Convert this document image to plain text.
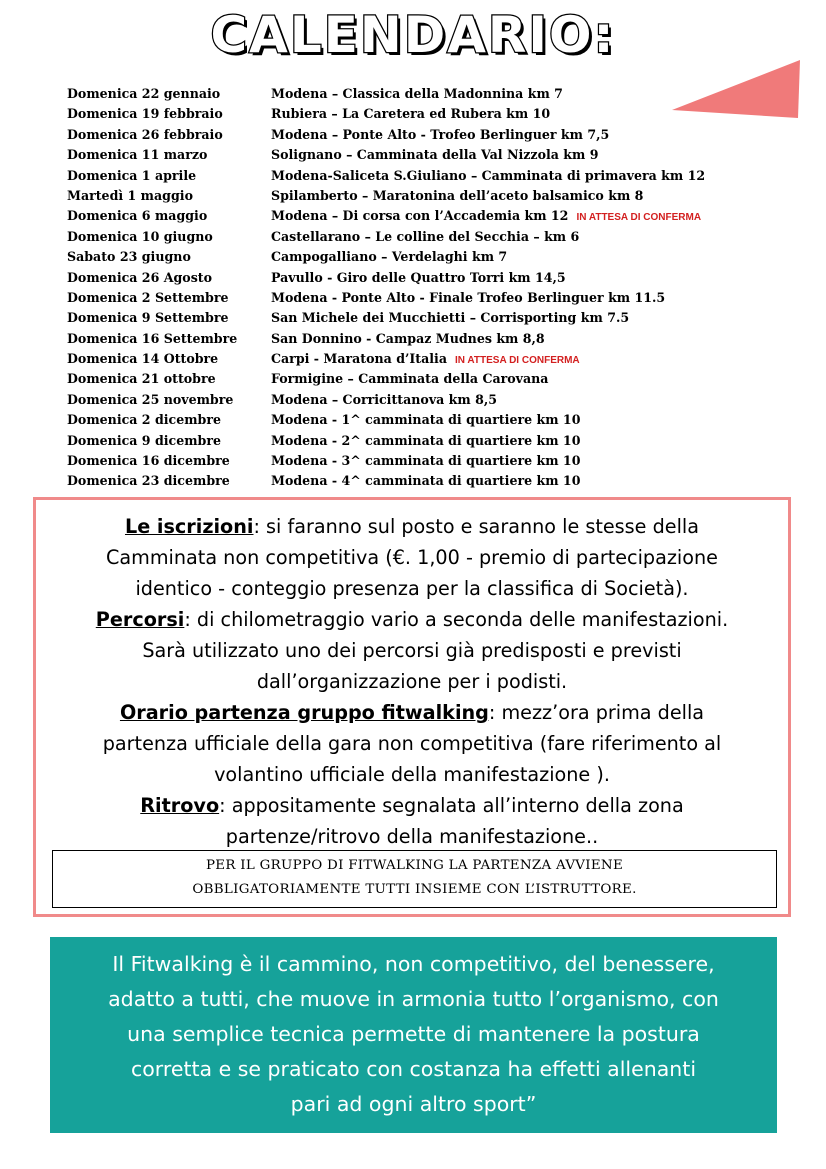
CALENDARIO:
Domenica 22 gennaio	Modena – Classica della Madonnina km 7
Domenica 19 febbraio	Rubiera – La Caretera ed Rubera km 10
Domenica 26 febbraio	Modena – Ponte Alto - Trofeo Berlinguer km 7,5
Domenica 11 marzo	Solignano – Camminata della Val Nizzola km 9
Domenica 1 aprile	Modena-Saliceta S.Giuliano – Camminata di primavera km 12
Martedì 1 maggio	Spilamberto – Maratonina dell’aceto balsamico km 8
Domenica 6 maggio	Modena – Di corsa con l’Accademia km 12 IN ATTESA DI CONFERMA
Domenica 10 giugno	Castellarano – Le colline del Secchia – km 6
Sabato 23 giugno	Campogalliano – Verdelaghi km 7
Domenica 26 Agosto	Pavullo - Giro delle Quattro Torri km 14,5
Domenica 2 Settembre	Modena - Ponte Alto - Finale Trofeo Berlinguer km 11.5
Domenica 9 Settembre	San Michele dei Mucchietti – Corrisporting km 7.5
Domenica 16 Settembre	San Donnino - Campaz Mudnes km 8,8
Domenica 14 Ottobre	Carpi - Maratona d’Italia IN ATTESA DI CONFERMA
Domenica 21 ottobre	Formigine – Camminata della Carovana
Domenica 25 novembre	Modena – Corricittanova km 8,5
Domenica 2 dicembre	Modena - 1^ camminata di quartiere km 10
Domenica 9 dicembre	Modena - 2^ camminata di quartiere km 10
Domenica 16 dicembre	Modena - 3^ camminata di quartiere km 10
Domenica 23 dicembre	Modena - 4^ camminata di quartiere km 10

Le iscrizioni: si faranno sul posto e saranno le stesse della
Camminata non competitiva (€. 1,00 - premio di partecipazione
identico - conteggio presenza per la classifica di Società).

Percorsi: di chilometraggio vario a seconda delle manifestazioni.
Sarà utilizzato uno dei percorsi già predisposti e previsti
dall’organizzazione per i podisti.

Orario partenza gruppo fitwalking: mezz’ora prima della
partenza ufficiale della gara non competitiva (fare riferimento al
volantino ufficiale della manifestazione ).

Ritrovo: appositamente segnalata all’interno della zona
partenze/ritrovo della manifestazione..

PER IL GRUPPO DI FITWALKING LA PARTENZA AVVIENE
OBBLIGATORIAMENTE TUTTI INSIEME CON L’ISTRUTTORE.
Il Fitwalking è il cammino, non competitivo, del benessere,
adatto a tutti, che muove in armonia tutto l’organismo, con
una semplice tecnica permette di mantenere la postura
corretta e se praticato con costanza ha effetti allenanti
pari ad ogni altro sport”
